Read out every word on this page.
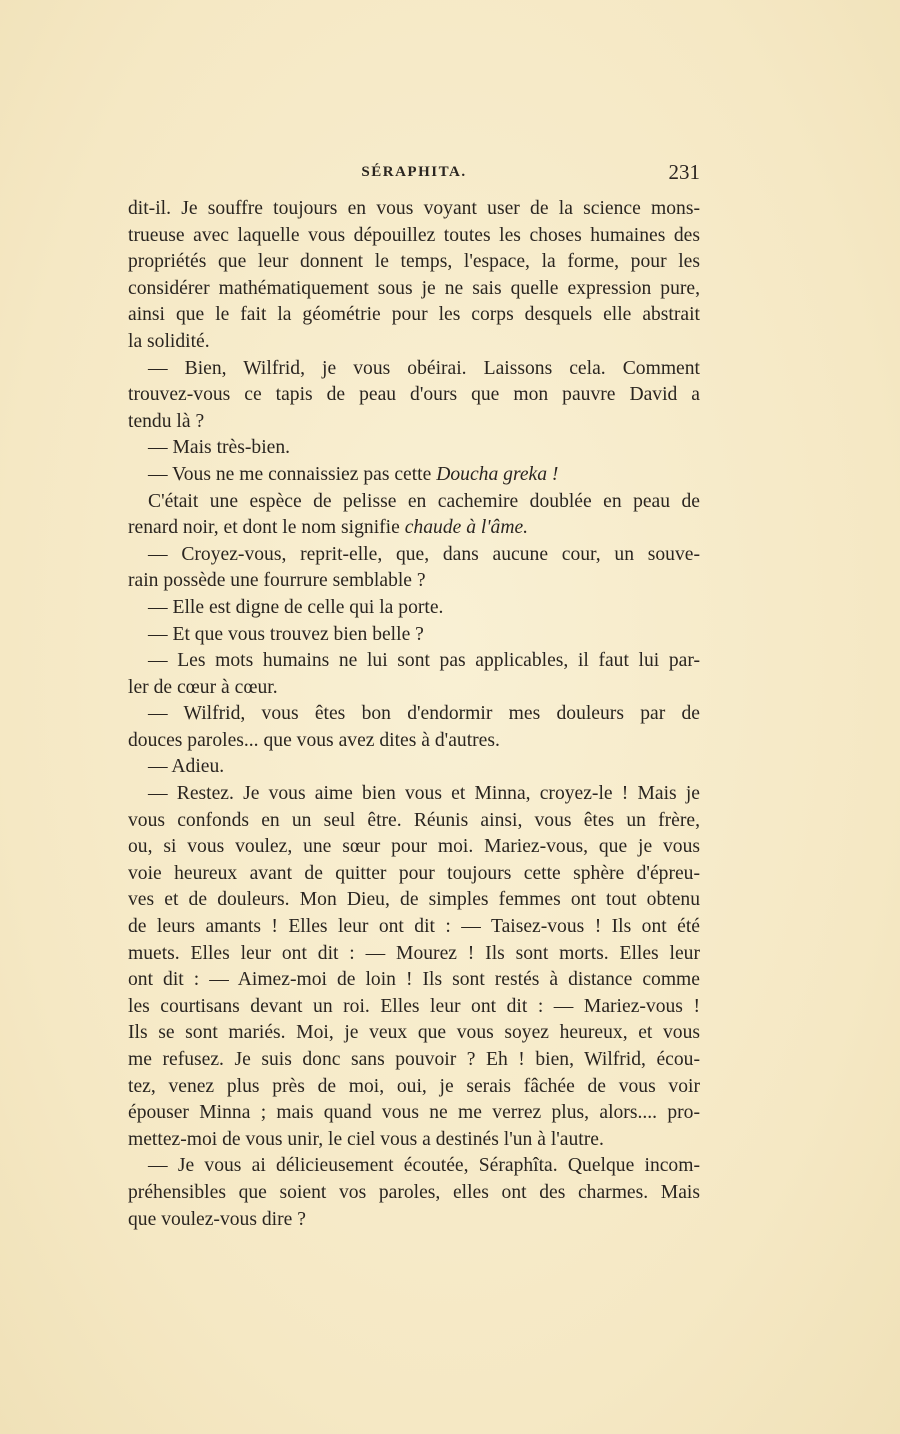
SÉRAPHITA.	231
dit-il. Je souffre toujours en vous voyant user de la science mons-
trueuse avec laquelle vous dépouillez toutes les choses humaines des
propriétés que leur donnent le temps, l'espace, la forme, pour les
considérer mathématiquement sous je ne sais quelle expression pure,
ainsi que le fait la géométrie pour les corps desquels elle abstrait
la solidité.
— Bien, Wilfrid, je vous obéirai. Laissons cela. Comment
trouvez-vous ce tapis de peau d'ours que mon pauvre David a
tendu là ?
— Mais très-bien.
— Vous ne me connaissiez pas cette Doucha greka !
C'était une espèce de pelisse en cachemire doublée en peau de
renard noir, et dont le nom signifie chaude à l'âme.
— Croyez-vous, reprit-elle, que, dans aucune cour, un souve-
rain possède une fourrure semblable ?
— Elle est digne de celle qui la porte.
— Et que vous trouvez bien belle ?
— Les mots humains ne lui sont pas applicables, il faut lui par-
ler de cœur à cœur.
— Wilfrid, vous êtes bon d'endormir mes douleurs par de
douces paroles... que vous avez dites à d'autres.
— Adieu.
— Restez. Je vous aime bien vous et Minna, croyez-le ! Mais je
vous confonds en un seul être. Réunis ainsi, vous êtes un frère,
ou, si vous voulez, une sœur pour moi. Mariez-vous, que je vous
voie heureux avant de quitter pour toujours cette sphère d'épreu-
ves et de douleurs. Mon Dieu, de simples femmes ont tout obtenu
de leurs amants ! Elles leur ont dit : — Taisez-vous ! Ils ont été
muets. Elles leur ont dit : — Mourez ! Ils sont morts. Elles leur
ont dit : — Aimez-moi de loin ! Ils sont restés à distance comme
les courtisans devant un roi. Elles leur ont dit : — Mariez-vous !
Ils se sont mariés. Moi, je veux que vous soyez heureux, et vous
me refusez. Je suis donc sans pouvoir ? Eh ! bien, Wilfrid, écou-
tez, venez plus près de moi, oui, je serais fâchée de vous voir
épouser Minna ; mais quand vous ne me verrez plus, alors.... pro-
mettez-moi de vous unir, le ciel vous a destinés l'un à l'autre.
— Je vous ai délicieusement écoutée, Séraphîta. Quelque incom-
préhensibles que soient vos paroles, elles ont des charmes. Mais
que voulez-vous dire ?
